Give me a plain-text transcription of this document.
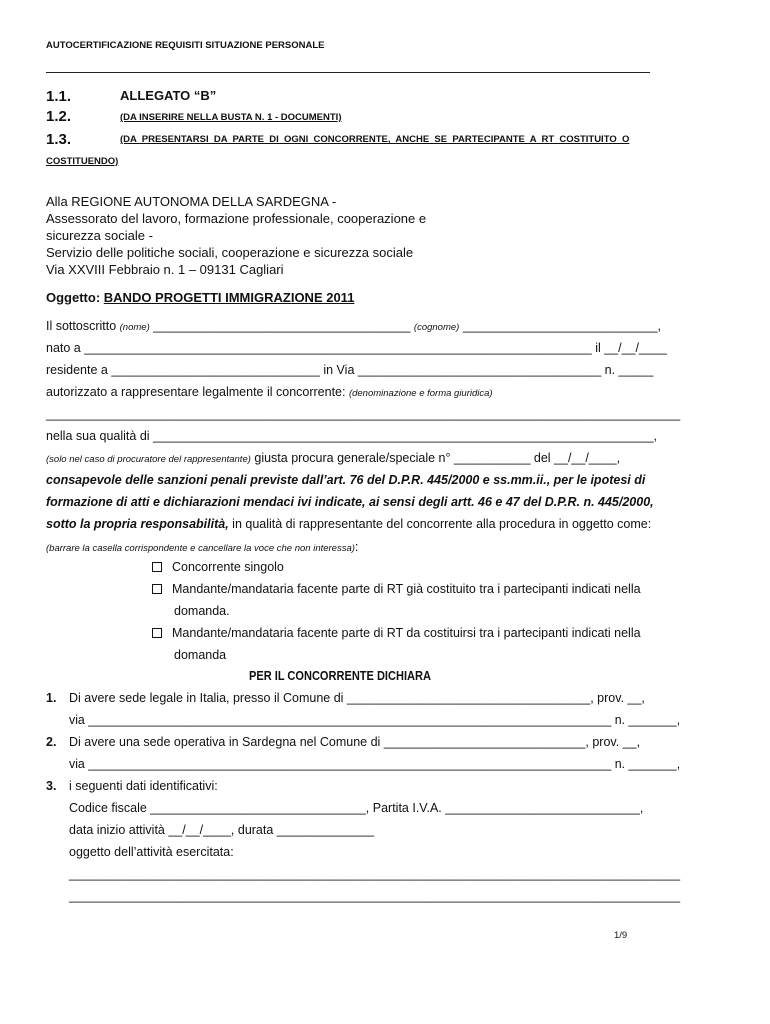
AUTOCERTIFICAZIONE REQUISITI SITUAZIONE PERSONALE
1.1.	ALLEGATO “B”
1.2.	(DA INSERIRE NELLA BUSTA N. 1 - DOCUMENTI)
1.3.	(DA PRESENTARSI DA PARTE DI OGNI CONCORRENTE, ANCHE SE PARTECIPANTE A RT COSTITUITO O
COSTITUENDO)
Alla REGIONE AUTONOMA DELLA SARDEGNA -
Assessorato del lavoro, formazione professionale, cooperazione e
sicurezza sociale -
Servizio delle politiche sociali, cooperazione e sicurezza sociale
Via XXVIII Febbraio n. 1 – 09131 Cagliari
Oggetto: BANDO PROGETTI IMMIGRAZIONE 2011
Il sottoscritto (nome) _____________________________________ (cognome) ____________________________,
nato a _________________________________________________________________________ il __/__/____
residente a ______________________________ in Via ___________________________________ n. _____
autorizzato a rappresentare legalmente il concorrente: (denominazione e forma giuridica)
_____________________________________________________________________________________________
nella sua qualità di ________________________________________________________________________,
(solo nel caso di procuratore del rappresentante) giusta procura generale/speciale n° ___________ del __/__/____,
consapevole delle sanzioni penali previste dall’art. 76 del D.P.R. 445/2000 e ss.mm.ii., per le ipotesi di
formazione di atti e dichiarazioni mendaci ivi indicate, ai sensi degli artt. 46 e 47 del D.P.R. n. 445/2000,
sotto la propria responsabilità, in qualità di rappresentante del concorrente alla procedura in oggetto come:
(barrare la casella corrispondente e cancellare la voce che non interessa):
Concorrente singolo
Mandante/mandataria facente parte di RT già costituito tra i partecipanti indicati nella
domanda.
Mandante/mandataria facente parte di RT da costituirsi tra i partecipanti indicati nella
domanda
PER IL CONCORRENTE DICHIARA
1. Di avere sede legale in Italia, presso il Comune di ___________________________________, prov. __,
via ____________________________________________________________________________ n. _______,
2. Di avere una sede operativa in Sardegna nel Comune di _____________________________, prov. __,
via ____________________________________________________________________________ n. _______,
3. i seguenti dati identificativi:
Codice fiscale _______________________________, Partita I.V.A. ____________________________,
data inizio attività __/__/____, durata ______________
oggetto dell’attività esercitata:
___________________________________________________________________________________________
___________________________________________________________________________________________
1/9
